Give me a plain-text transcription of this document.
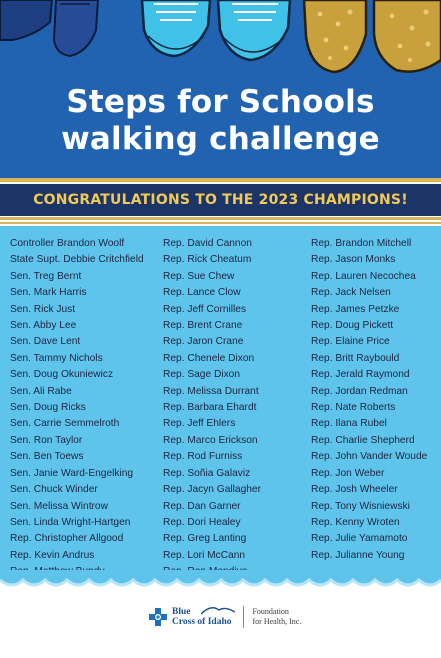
Steps for Schools
walking challenge
CONGRATULATIONS TO THE 2023 CHAMPIONS!
Controller Brandon Woolf
State Supt. Debbie Critchfield
Sen. Treg Bernt
Sen. Mark Harris
Sen. Rick Just
Sen. Abby Lee
Sen. Dave Lent
Sen. Tammy Nichols
Sen. Doug Okuniewicz
Sen. Ali Rabe
Sen. Doug Ricks
Sen. Carrie Semmelroth
Sen. Ron Taylor
Sen. Ben Toews
Sen. Janie Ward-Engelking
Sen. Chuck Winder
Sen. Melissa Wintrow
Sen. Linda Wright-Hartgen
Rep. Christopher Allgood
Rep. Kevin Andrus
Rep. David Cannon
Rep. Rick Cheatum
Rep. Sue Chew
Rep. Lance Clow
Rep. Jeff Cornilles
Rep. Brent Crane
Rep. Jaron Crane
Rep. Chenele Dixon
Rep. Sage Dixon
Rep. Melissa Durrant
Rep. Barbara Ehardt
Rep. Jeff Ehlers
Rep. Marco Erickson
Rep. Rod Furniss
Rep. Soñia Galaviz
Rep. Jacyn Gallagher
Rep. Dan Garner
Rep. Dori Healey
Rep. Greg Lanting
Rep. Lori McCann
Rep. Brandon Mitchell
Rep. Jason Monks
Rep. Lauren Necochea
Rep. Jack Nelsen
Rep. James Petzke
Rep. Doug Pickett
Rep. Elaine Price
Rep. Britt Raybould
Rep. Jerald Raymond
Rep. Jordan Redman
Rep. Nate Roberts
Rep. Ilana Rubel
Rep. Charlie Shepherd
Rep. John Vander Woude
Rep. Jon Weber
Rep. Josh Wheeler
Rep. Tony Wisniewski
Rep. Kenny Wroten
Rep. Julie Yamamoto
Rep. Julianne Young
Blue
Cross of Idaho
Foundation
for Health, Inc.
